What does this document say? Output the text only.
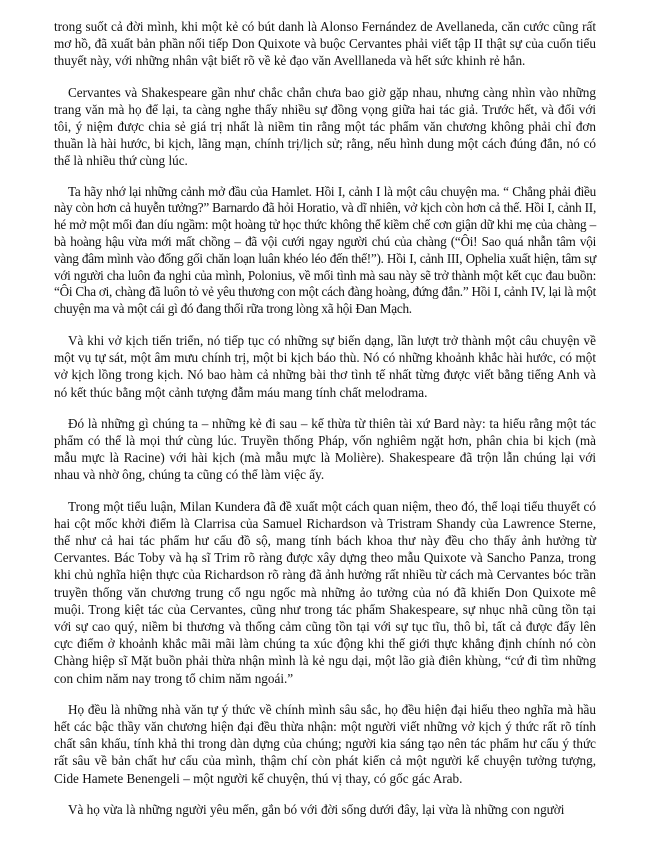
trong suốt cả đời mình, khi một kẻ có bút danh là Alonso Fernández de Avellaneda, căn cước cũng rất mơ hồ, đã xuất bản phần nối tiếp Don Quixote và buộc Cervantes phải viết tập II thật sự của cuốn tiểu thuyết này, với những nhân vật biết rõ về kẻ đạo văn Avelllaneda và hết sức khinh rẻ hắn.

Cervantes và Shakespeare gần như chắc chắn chưa bao giờ gặp nhau, nhưng càng nhìn vào những trang văn mà họ để lại, ta càng nghe thấy nhiều sự đồng vọng giữa hai tác giả. Trước hết, và đối với tôi, ý niệm được chia sẻ giá trị nhất là niềm tin rằng một tác phẩm văn chương không phải chỉ đơn thuần là hài hước, bi kịch, lãng mạn, chính trị/lịch sử; rằng, nếu hình dung một cách đúng đắn, nó có thể là nhiều thứ cùng lúc.

Ta hãy nhớ lại những cảnh mở đầu của Hamlet. Hồi I, cảnh I là một câu chuyện ma. “ Chẳng phải điều này còn hơn cả huyễn tưởng?” Barnardo đã hỏi Horatio, và dĩ nhiên, vở kịch còn hơn cả thế. Hồi I, cảnh II, hé mở một mối đan díu ngầm: một hoàng tử học thức không thể kiềm chế cơn giận dữ khi mẹ của chàng – bà hoàng hậu vừa mới mất chồng – đã vội cưới ngay người chú của chàng (“Ôi! Sao quá nhẫn tâm vội vàng đâm mình vào đống gối chăn loạn luân khéo léo đến thế!”). Hồi I, cảnh III, Ophelia xuất hiện, tâm sự với người cha luôn đa nghi của mình, Polonius, về mối tình mà sau này sẽ trở thành một kết cục đau buồn: “Ôi Cha ơi, chàng đã luôn tỏ vẻ yêu thương con một cách đàng hoàng, đứng đắn.” Hồi I, cảnh IV, lại là một chuyện ma và một cái gì đó đang thối rữa trong lòng xã hội Đan Mạch.

Và khi vở kịch tiến triển, nó tiếp tục có những sự biến dạng, lần lượt trở thành một câu chuyện về một vụ tự sát, một âm mưu chính trị, một bi kịch báo thù. Nó có những khoảnh khắc hài hước, có một vở kịch lồng trong kịch. Nó bao hàm cả những bài thơ tình tế nhất từng được viết bằng tiếng Anh và nó kết thúc bằng một cảnh tượng đẫm máu mang tính chất melodrama.

Đó là những gì chúng ta – những kẻ đi sau – kế thừa từ thiên tài xứ Bard này: ta hiểu rằng một tác phẩm có thể là mọi thứ cùng lúc. Truyền thống Pháp, vốn nghiêm ngặt hơn, phân chia bi kịch (mà mẫu mực là Racine) với hài kịch (mà mẫu mực là Molière). Shakespeare đã trộn lẫn chúng lại với nhau và nhờ ông, chúng ta cũng có thể làm việc ấy.

Trong một tiểu luận, Milan Kundera đã đề xuất một cách quan niệm, theo đó, thể loại tiểu thuyết có hai cột mốc khởi điểm là Clarrisa của Samuel Richardson và Tristram Shandy của Lawrence Sterne, thể như cả hai tác phẩm hư cấu đồ sộ, mang tính bách khoa thư này đều cho thấy ảnh hưởng từ Cervantes. Bác Toby và hạ sĩ Trim rõ ràng được xây dựng theo mẫu Quixote và Sancho Panza, trong khi chủ nghĩa hiện thực của Richardson rõ ràng đã ảnh hưởng rất nhiều từ cách mà Cervantes bóc trần truyền thống văn chương trung cổ ngu ngốc mà những ảo tưởng của nó đã khiến Don Quixote mê muội. Trong kiệt tác của Cervantes, cũng như trong tác phẩm Shakespeare, sự nhục nhã cũng tồn tại với sự cao quý, niềm bi thương và thống cảm cũng tồn tại với sự tục tĩu, thô bỉ, tất cả được đẩy lên cực điểm ở khoảnh khắc mãi mãi làm chúng ta xúc động khi thế giới thực khẳng định chính nó còn Chàng hiệp sĩ Mặt buồn phải thừa nhận mình là kẻ ngu dại, một lão già điên khùng, “cứ đi tìm những con chim năm nay trong tổ chim năm ngoái.”

Họ đều là những nhà văn tự ý thức về chính mình sâu sắc, họ đều hiện đại hiểu theo nghĩa mà hầu hết các bậc thầy văn chương hiện đại đều thừa nhận: một người viết những vở kịch ý thức rất rõ tính chất sân khấu, tính khả thi trong dàn dựng của chúng; người kia sáng tạo nên tác phẩm hư cấu ý thức rất sâu về bản chất hư cấu của mình, thậm chí còn phát kiến cả một người kể chuyện tưởng tượng, Cide Hamete Benengeli – một người kể chuyện, thú vị thay, có gốc gác Arab.

Và họ vừa là những người yêu mến, gắn bó với đời sống dưới đây, lại vừa là những con người
